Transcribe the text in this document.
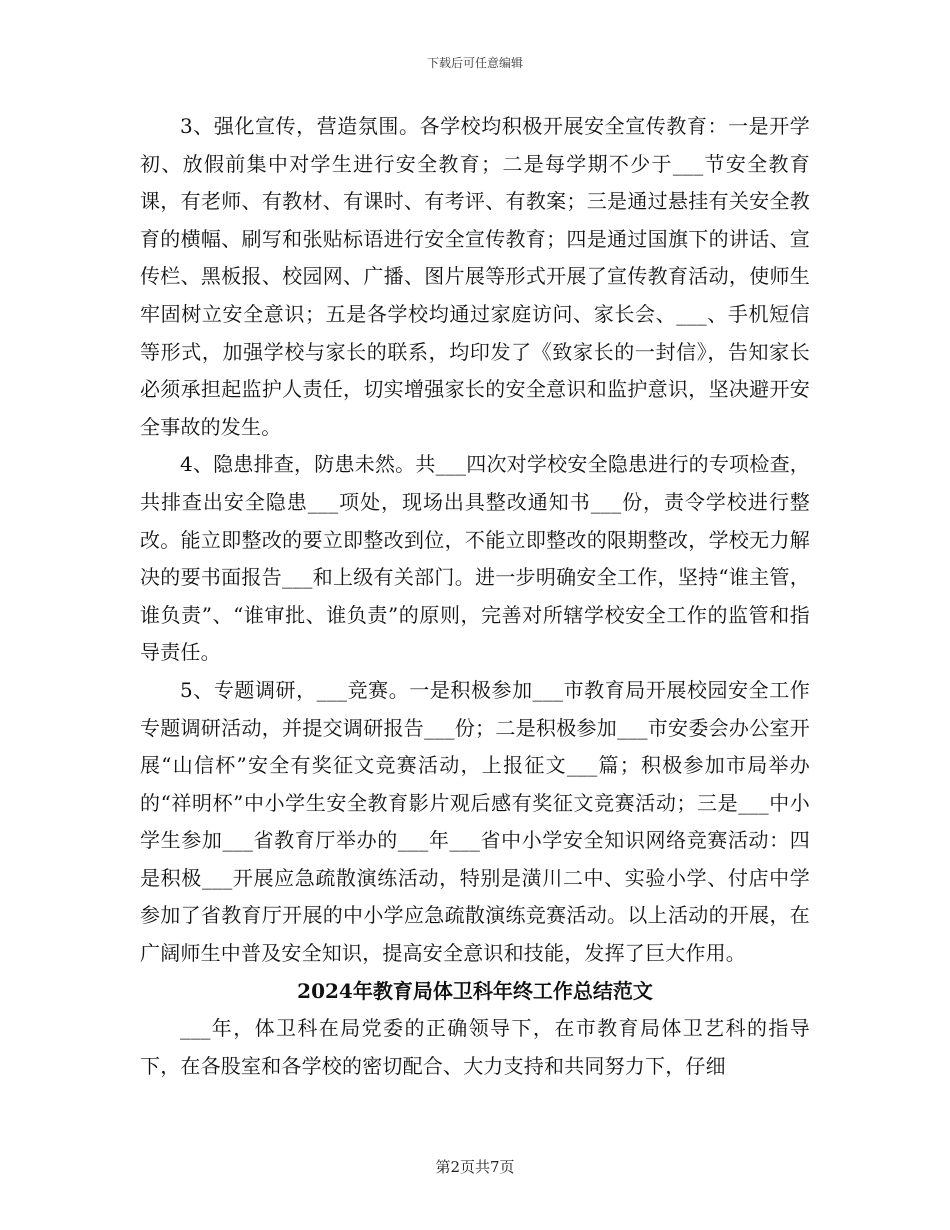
下载后可任意编辑

3、强化宣传，营造氛围。各学校均积极开展安全宣传教育：一是开学初、放假前集中对学生进行安全教育；二是每学期不少于___节安全教育课，有老师、有教材、有课时、有考评、有教案；三是通过悬挂有关安全教育的横幅、刷写和张贴标语进行安全宣传教育；四是通过国旗下的讲话、宣传栏、黑板报、校园网、广播、图片展等形式开展了宣传教育活动，使师生牢固树立安全意识；五是各学校均通过家庭访问、家长会、___、手机短信等形式，加强学校与家长的联系，均印发了《致家长的一封信》，告知家长必须承担起监护人责任，切实增强家长的安全意识和监护意识，坚决避开安全事故的发生。

4、隐患排查，防患未然。共___四次对学校安全隐患进行的专项检查，共排查出安全隐患___项处，现场出具整改通知书___份，责令学校进行整改。能立即整改的要立即整改到位，不能立即整改的限期整改，学校无力解决的要书面报告___和上级有关部门。进一步明确安全工作，坚持“谁主管，谁负责”、“谁审批、谁负责”的原则，完善对所辖学校安全工作的监管和指导责任。

5、专题调研，___竞赛。一是积极参加___市教育局开展校园安全工作专题调研活动，并提交调研报告___份；二是积极参加___市安委会办公室开展“山信杯”安全有奖征文竞赛活动，上报征文___篇；积极参加市局举办的“祥明杯”中小学生安全教育影片观后感有奖征文竞赛活动；三是___中小学生参加___省教育厅举办的___年___省中小学安全知识网络竞赛活动：四是积极___开展应急疏散演练活动，特别是潢川二中、实验小学、付店中学参加了省教育厅开展的中小学应急疏散演练竞赛活动。以上活动的开展，在广阔师生中普及安全知识，提高安全意识和技能，发挥了巨大作用。

2024年教育局体卫科年终工作总结范文

___年，体卫科在局党委的正确领导下，在市教育局体卫艺科的指导下，在各股室和各学校的密切配合、大力支持和共同努力下，仔细

第2页共7页
